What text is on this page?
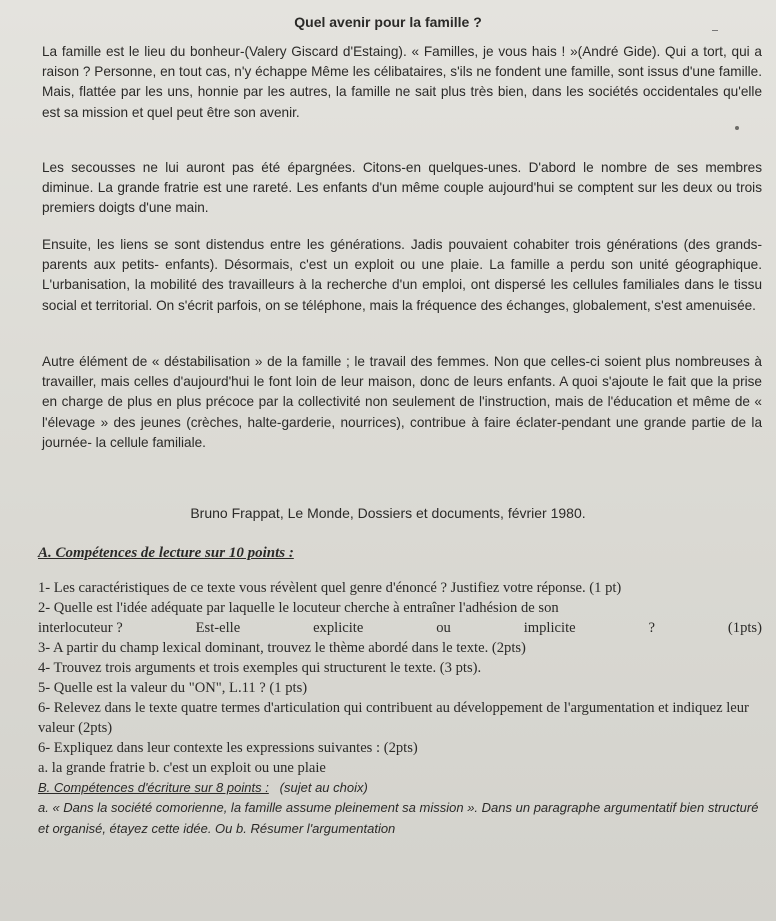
Quel avenir pour la famille ?

La famille est le lieu du bonheur-(Valery Giscard d'Estaing). « Familles, je vous hais ! »(André Gide). Qui a tort, qui a raison ? Personne, en tout cas, n'y échappe Même les célibataires, s'ils ne fondent une famille, sont issus d'une famille. Mais, flattée par les uns, honnie par les autres, la famille ne sait plus très bien, dans les sociétés occidentales qu'elle est sa mission et quel peut être son avenir.

Les secousses ne lui auront pas été épargnées. Citons-en quelques-unes. D'abord le nombre de ses membres diminue. La grande fratrie est une rareté. Les enfants d'un même couple aujourd'hui se comptent sur les deux ou trois premiers doigts d'une main.

Ensuite, les liens se sont distendus entre les générations. Jadis pouvaient cohabiter trois générations (des grands-parents aux petits- enfants). Désormais, c'est un exploit ou une plaie. La famille a perdu son unité géographique. L'urbanisation, la mobilité des travailleurs à la recherche d'un emploi, ont dispersé les cellules familiales dans le tissu social et territorial. On s'écrit parfois, on se téléphone, mais la fréquence des échanges, globalement, s'est amenuisée.

Autre élément de « déstabilisation » de la famille ; le travail des femmes. Non que celles-ci soient plus nombreuses à travailler, mais celles d'aujourd'hui le font loin de leur maison, donc de leurs enfants. A quoi s'ajoute le fait que la prise en charge de plus en plus précoce par la collectivité non seulement de l'instruction, mais de l'éducation et même de « l'élevage » des jeunes (crèches, halte-garderie, nourrices), contribue à faire éclater-pendant une grande partie de la journée- la cellule familiale.

Bruno Frappat, Le Monde, Dossiers et documents, février 1980.
A. Compétences de lecture sur 10 points :

1- Les caractéristiques de ce texte vous révèlent quel genre d'énoncé ? Justifiez votre réponse. (1 pt)

2- Quelle est l'idée adéquate par laquelle le locuteur cherche à entraîner l'adhésion de son

interlocuteur ?	Est-elle	explicite	ou	implicite	?	(1pts)

3- A partir du champ lexical dominant, trouvez le thème abordé dans le texte. (2pts)

4- Trouvez trois arguments et trois exemples qui structurent le texte. (3 pts).

5- Quelle est la valeur du "ON", L.11 ? (1 pts)

6- Relevez dans le texte quatre termes d'articulation qui contribuent au développement de l'argumentation et indiquez leur valeur (2pts)

6- Expliquez dans leur contexte les expressions suivantes : (2pts)

a. la grande fratrie b. c'est un exploit ou une plaie

B. Compétences d'écriture sur 8 points : (sujet au choix)

a. « Dans la société comorienne, la famille assume pleinement sa mission ». Dans un paragraphe argumentatif bien structuré et organisé, étayez cette idée. Ou b. Résumer l'argumentation
